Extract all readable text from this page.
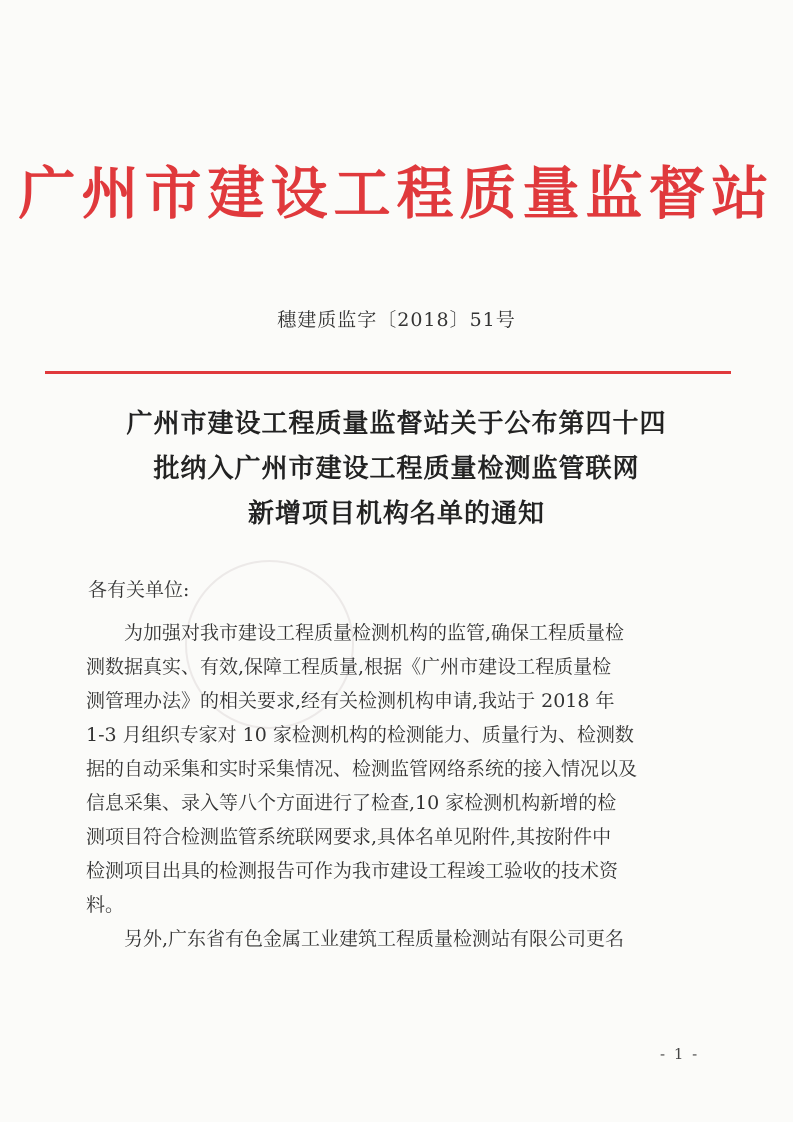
广州市建设工程质量监督站
穗建质监字〔2018〕51号
广州市建设工程质量监督站关于公布第四十四
批纳入广州市建设工程质量检测监管联网
新增项目机构名单的通知
各有关单位:
为加强对我市建设工程质量检测机构的监管,确保工程质量检
测数据真实、有效,保障工程质量,根据《广州市建设工程质量检
测管理办法》的相关要求,经有关检测机构申请,我站于 2018 年
1-3 月组织专家对 10 家检测机构的检测能力、质量行为、检测数
据的自动采集和实时采集情况、检测监管网络系统的接入情况以及
信息采集、录入等八个方面进行了检查,10 家检测机构新增的检
测项目符合检测监管系统联网要求,具体名单见附件,其按附件中
检测项目出具的检测报告可作为我市建设工程竣工验收的技术资
料。
另外,广东省有色金属工业建筑工程质量检测站有限公司更名
- 1 -
